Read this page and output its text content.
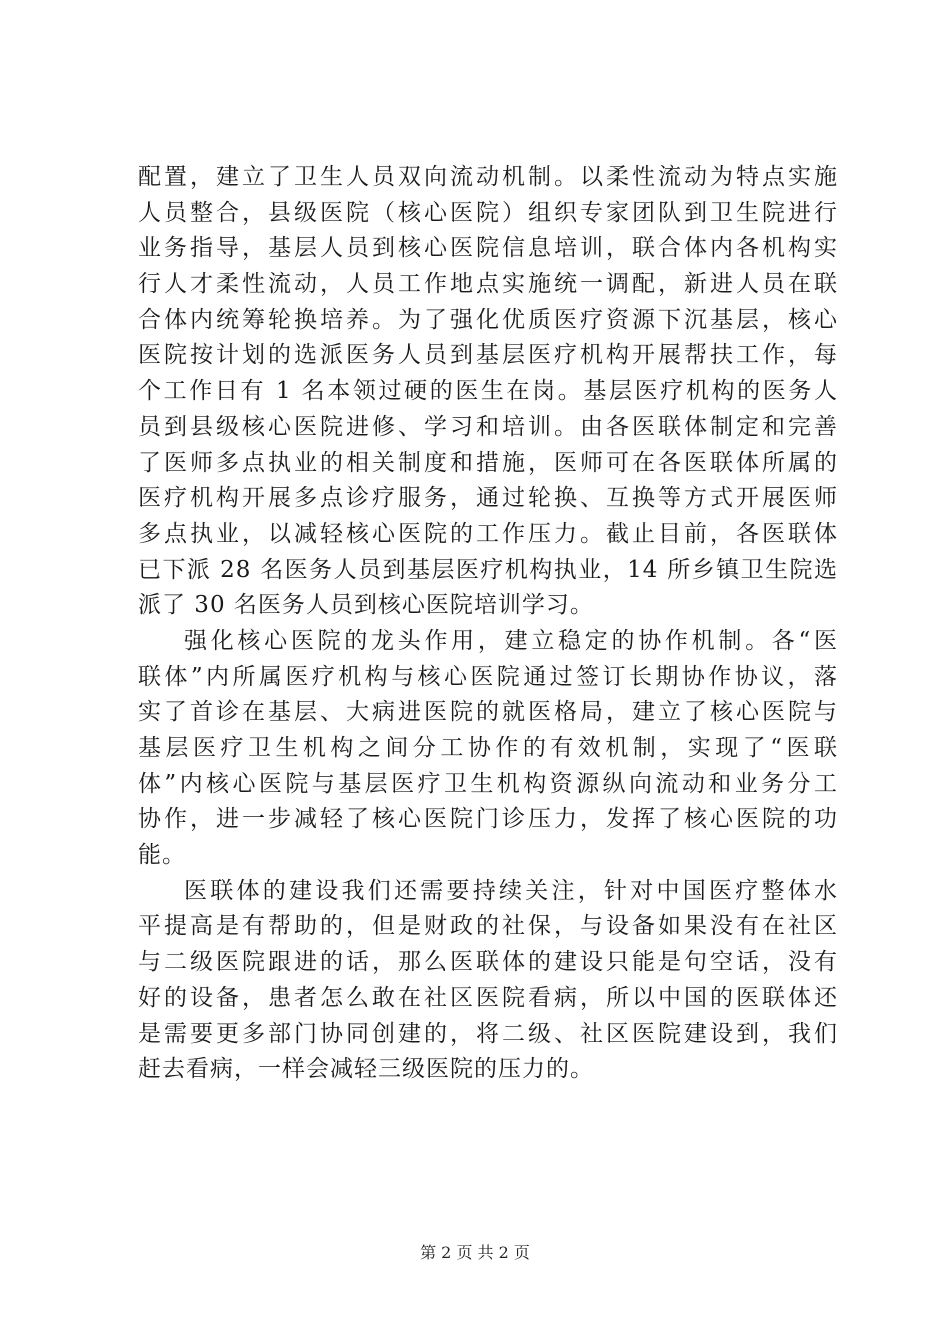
配置，建立了卫生人员双向流动机制。以柔性流动为特点实施
人员整合，县级医院（核心医院）组织专家团队到卫生院进行
业务指导，基层人员到核心医院信息培训，联合体内各机构实
行人才柔性流动，人员工作地点实施统一调配，新进人员在联
合体内统筹轮换培养。为了强化优质医疗资源下沉基层，核心
医院按计划的选派医务人员到基层医疗机构开展帮扶工作，每
个工作日有 1 名本领过硬的医生在岗。基层医疗机构的医务人
员到县级核心医院进修、学习和培训。由各医联体制定和完善
了医师多点执业的相关制度和措施，医师可在各医联体所属的
医疗机构开展多点诊疗服务，通过轮换、互换等方式开展医师
多点执业，以减轻核心医院的工作压力。截止目前，各医联体
已下派 28 名医务人员到基层医疗机构执业，14 所乡镇卫生院选
派了 30 名医务人员到核心医院培训学习。
强化核心医院的龙头作用，建立稳定的协作机制。各“医
联体”内所属医疗机构与核心医院通过签订长期协作协议，落
实了首诊在基层、大病进医院的就医格局，建立了核心医院与
基层医疗卫生机构之间分工协作的有效机制，实现了“医联
体”内核心医院与基层医疗卫生机构资源纵向流动和业务分工
协作，进一步减轻了核心医院门诊压力，发挥了核心医院的功
能。
医联体的建设我们还需要持续关注，针对中国医疗整体水
平提高是有帮助的，但是财政的社保，与设备如果没有在社区
与二级医院跟进的话，那么医联体的建设只能是句空话，没有
好的设备，患者怎么敢在社区医院看病，所以中国的医联体还
是需要更多部门协同创建的，将二级、社区医院建设到，我们
赶去看病，一样会减轻三级医院的压力的。
第 2 页 共 2 页
